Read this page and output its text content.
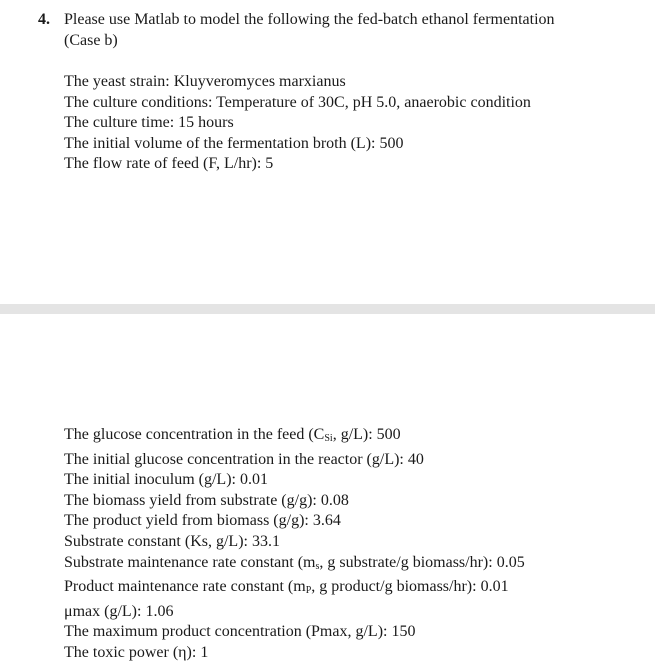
4. Please use Matlab to model the following the fed-batch ethanol fermentation
(Case b)
The yeast strain: Kluyveromyces marxianus
The culture conditions: Temperature of 30C, pH 5.0, anaerobic condition
The culture time: 15 hours
The initial volume of the fermentation broth (L): 500
The flow rate of feed (F, L/hr): 5
The glucose concentration in the feed ($C_{Si}$, g/L): 500
The initial glucose concentration in the reactor (g/L): 40
The initial inoculum (g/L): 0.01
The biomass yield from substrate (g/g): 0.08
The product yield from biomass (g/g): 3.64
Substrate constant (Ks, g/L): 33.1
Substrate maintenance rate constant ($m_s$, g substrate/g biomass/hr): 0.05
Product maintenance rate constant ($m_P$, g product/g biomass/hr): 0.01
μmax (g/L): 1.06
The maximum product concentration (Pmax, g/L): 150
The toxic power (η): 1
